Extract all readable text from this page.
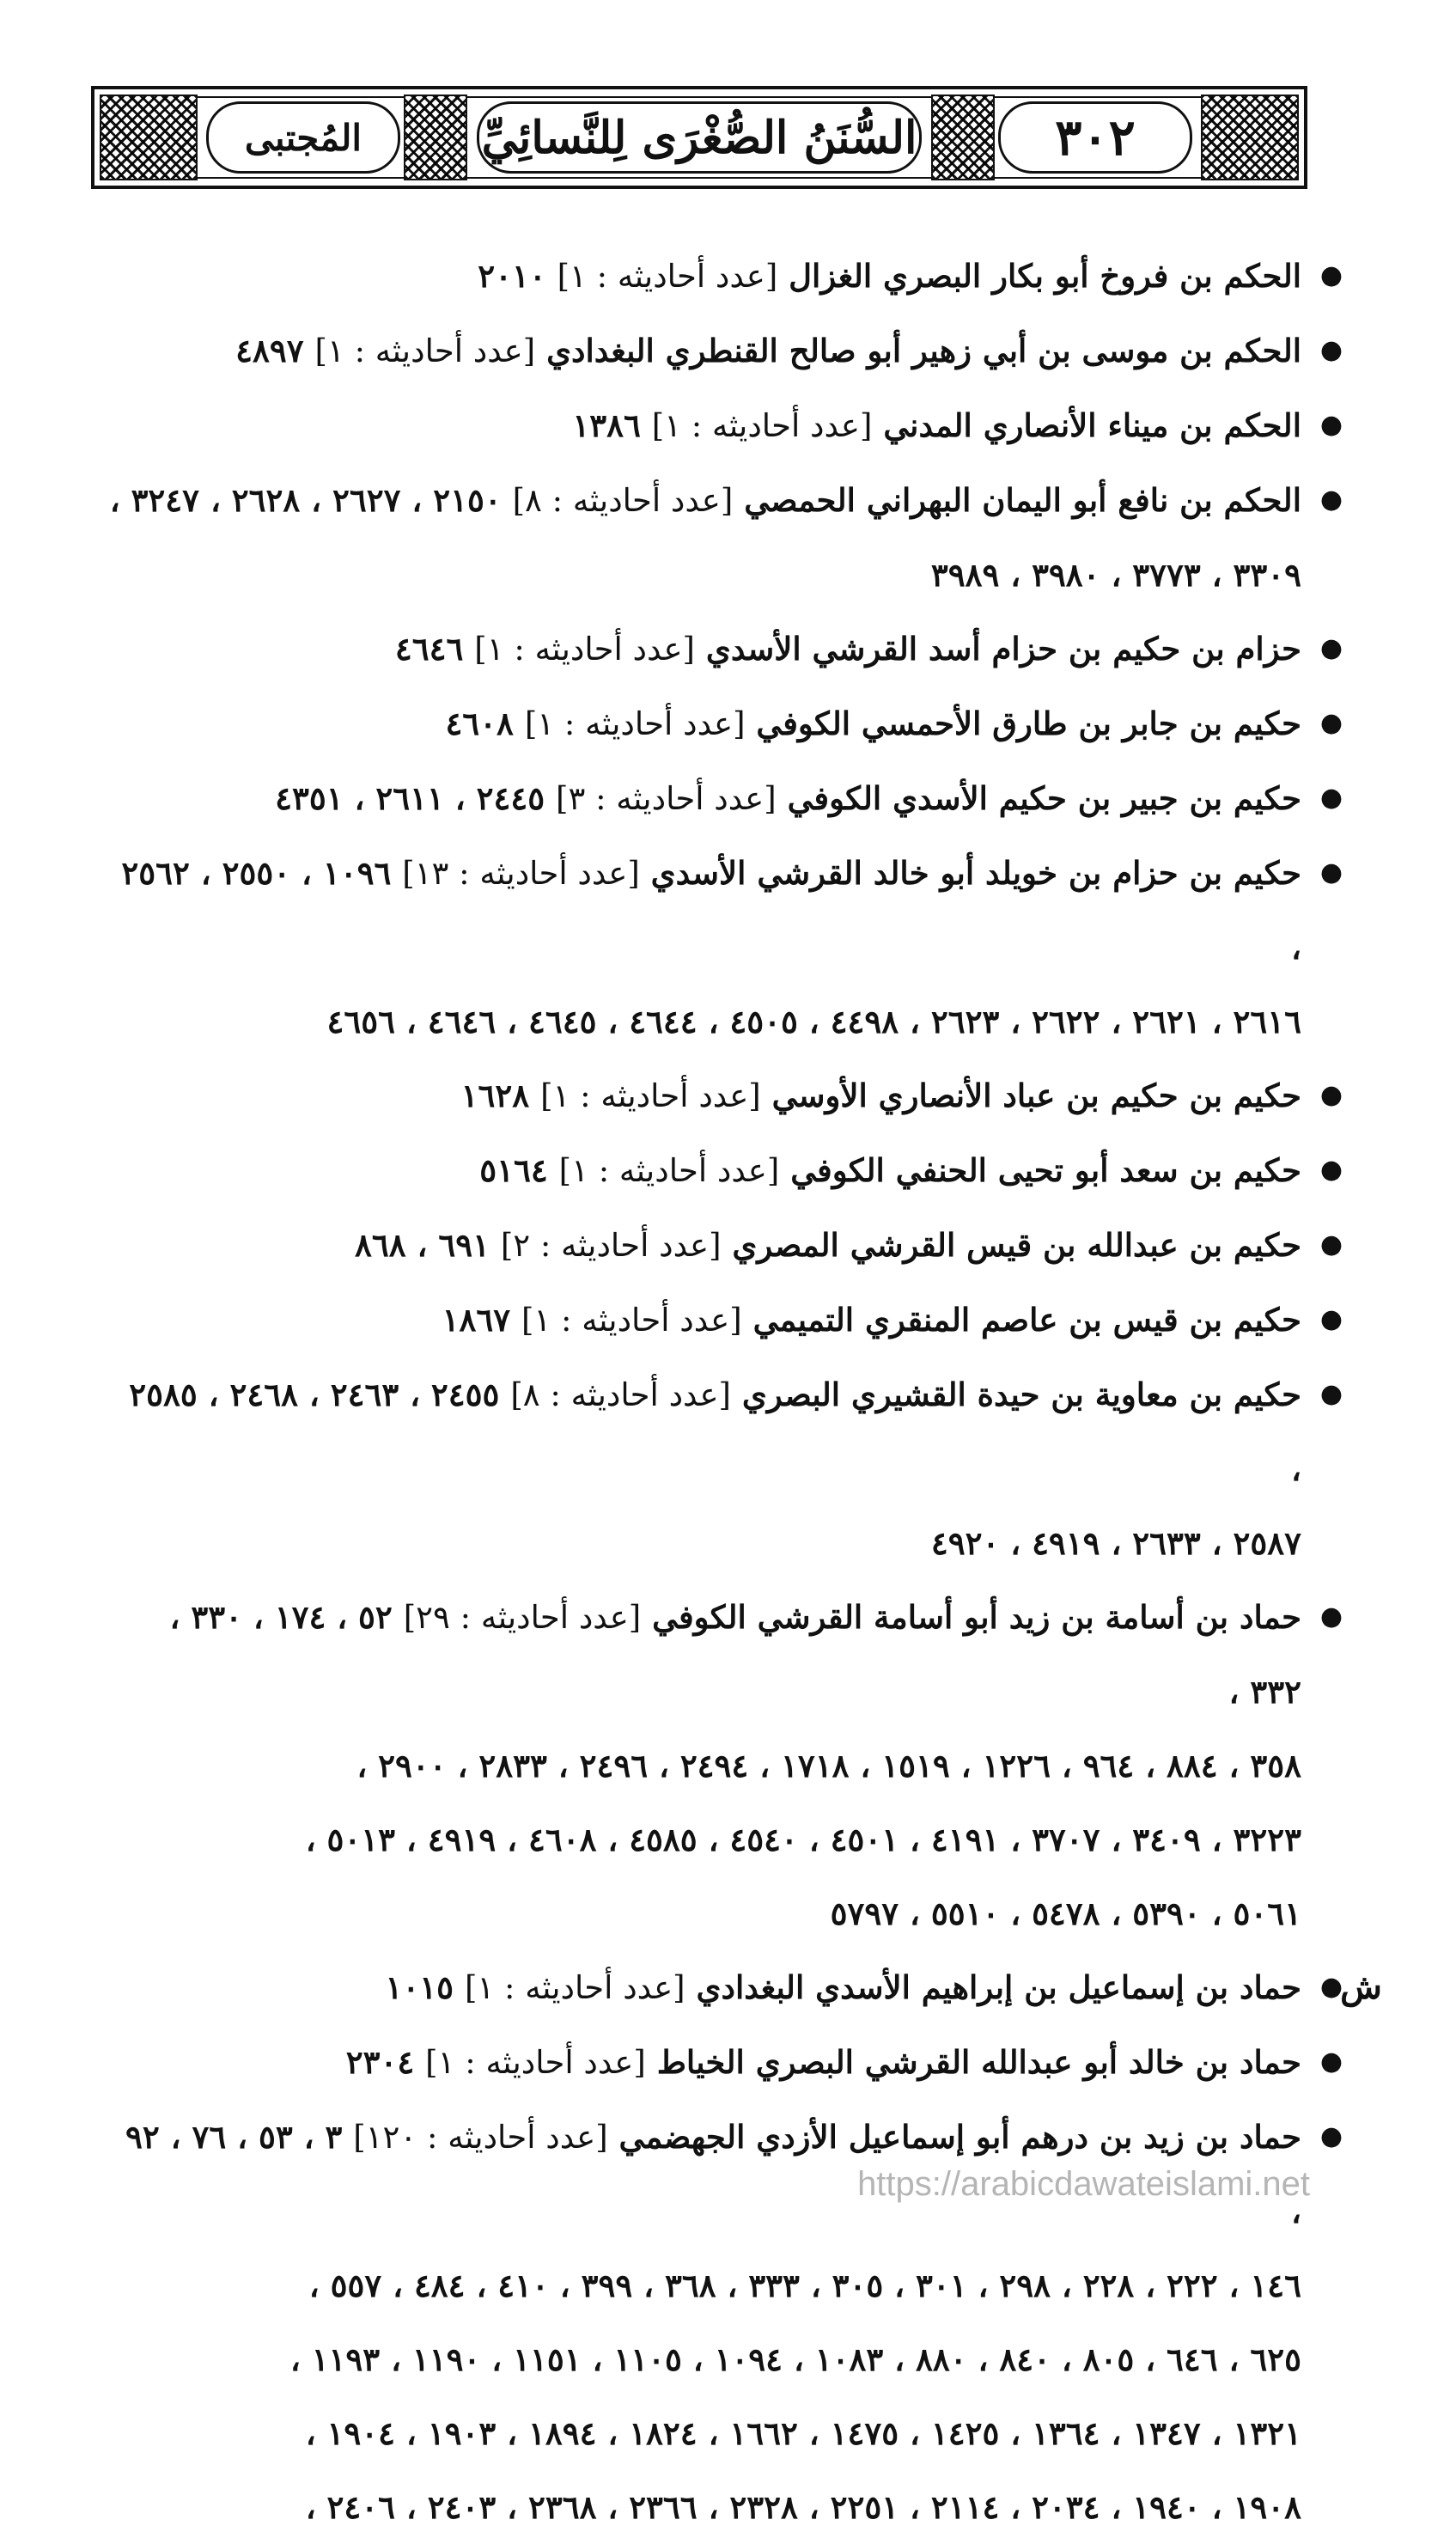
٣٠٢
السُّنَنُ الصُّغْرَى لِلنَّسائِيِّ
المُجتبى
●
الحكم بن فروخ أبو بكار البصري الغزال [عدد أحاديثه : ١] ٢٠١٠
●
الحكم بن موسى بن أبي زهير أبو صالح القنطري البغدادي [عدد أحاديثه : ١] ٤٨٩٧
●
الحكم بن ميناء الأنصاري المدني [عدد أحاديثه : ١] ١٣٨٦
●
الحكم بن نافع أبو اليمان البهراني الحمصي [عدد أحاديثه : ٨] ٢١٥٠ ، ٢٦٢٧ ، ٢٦٢٨ ، ٣٢٤٧ ،
٣٣٠٩ ، ٣٧٧٣ ، ٣٩٨٠ ، ٣٩٨٩
●
حزام بن حكيم بن حزام أسد القرشي الأسدي [عدد أحاديثه : ١] ٤٦٤٦
●
حكيم بن جابر بن طارق الأحمسي الكوفي [عدد أحاديثه : ١] ٤٦٠٨
●
حكيم بن جبير بن حكيم الأسدي الكوفي [عدد أحاديثه : ٣] ٢٤٤٥ ، ٢٦١١ ، ٤٣٥١
●
حكيم بن حزام بن خويلد أبو خالد القرشي الأسدي [عدد أحاديثه : ١٣] ١٠٩٦ ، ٢٥٥٠ ، ٢٥٦٢ ،
٢٦١٦ ، ٢٦٢١ ، ٢٦٢٢ ، ٢٦٢٣ ، ٤٤٩٨ ، ٤٥٠٥ ، ٤٦٤٤ ، ٤٦٤٥ ، ٤٦٤٦ ، ٤٦٥٦
●
حكيم بن حكيم بن عباد الأنصاري الأوسي [عدد أحاديثه : ١] ١٦٢٨
●
حكيم بن سعد أبو تحيى الحنفي الكوفي [عدد أحاديثه : ١] ٥١٦٤
●
حكيم بن عبدالله بن قيس القرشي المصري [عدد أحاديثه : ٢] ٦٩١ ، ٨٦٨
●
حكيم بن قيس بن عاصم المنقري التميمي [عدد أحاديثه : ١] ١٨٦٧
●
حكيم بن معاوية بن حيدة القشيري البصري [عدد أحاديثه : ٨] ٢٤٥٥ ، ٢٤٦٣ ، ٢٤٦٨ ، ٢٥٨٥ ،
٢٥٨٧ ، ٢٦٣٣ ، ٤٩١٩ ، ٤٩٢٠
●
حماد بن أسامة بن زيد أبو أسامة القرشي الكوفي [عدد أحاديثه : ٢٩] ٥٢ ، ١٧٤ ، ٣٣٠ ، ٣٣٢ ،
٣٥٨ ، ٨٨٤ ، ٩٦٤ ، ١٢٢٦ ، ١٥١٩ ، ١٧١٨ ، ٢٤٩٤ ، ٢٤٩٦ ، ٢٨٣٣ ، ٢٩٠٠ ،
٣٢٢٣ ، ٣٤٠٩ ، ٣٧٠٧ ، ٤١٩١ ، ٤٥٠١ ، ٤٥٤٠ ، ٤٥٨٥ ، ٤٦٠٨ ، ٤٩١٩ ، ٥٠١٣ ،
٥٠٦١ ، ٥٣٩٠ ، ٥٤٧٨ ، ٥٥١٠ ، ٥٧٩٧
●
ش
حماد بن إسماعيل بن إبراهيم الأسدي البغدادي [عدد أحاديثه : ١] ١٠١٥
●
حماد بن خالد أبو عبدالله القرشي البصري الخياط [عدد أحاديثه : ١] ٢٣٠٤
●
حماد بن زيد بن درهم أبو إسماعيل الأزدي الجهضمي [عدد أحاديثه : ١٢٠] ٣ ، ٥٣ ، ٧٦ ، ٩٢ ،
١٤٦ ، ٢٢٢ ، ٢٢٨ ، ٢٩٨ ، ٣٠١ ، ٣٠٥ ، ٣٣٣ ، ٣٦٨ ، ٣٩٩ ، ٤١٠ ، ٤٨٤ ، ٥٥٧ ،
٦٢٥ ، ٦٤٦ ، ٨٠٥ ، ٨٤٠ ، ٨٨٠ ، ١٠٨٣ ، ١٠٩٤ ، ١١٠٥ ، ١١٥١ ، ١١٩٠ ، ١١٩٣ ،
١٣٢١ ، ١٣٤٧ ، ١٣٦٤ ، ١٤٢٥ ، ١٤٧٥ ، ١٦٦٢ ، ١٨٢٤ ، ١٨٩٤ ، ١٩٠٣ ، ١٩٠٤ ،
١٩٠٨ ، ١٩٤٠ ، ٢٠٣٤ ، ٢١١٤ ، ٢٢٥١ ، ٢٣٢٨ ، ٢٣٦٦ ، ٢٣٦٨ ، ٢٤٠٣ ، ٢٤٠٦ ،
https://arabicdawateislami.net
